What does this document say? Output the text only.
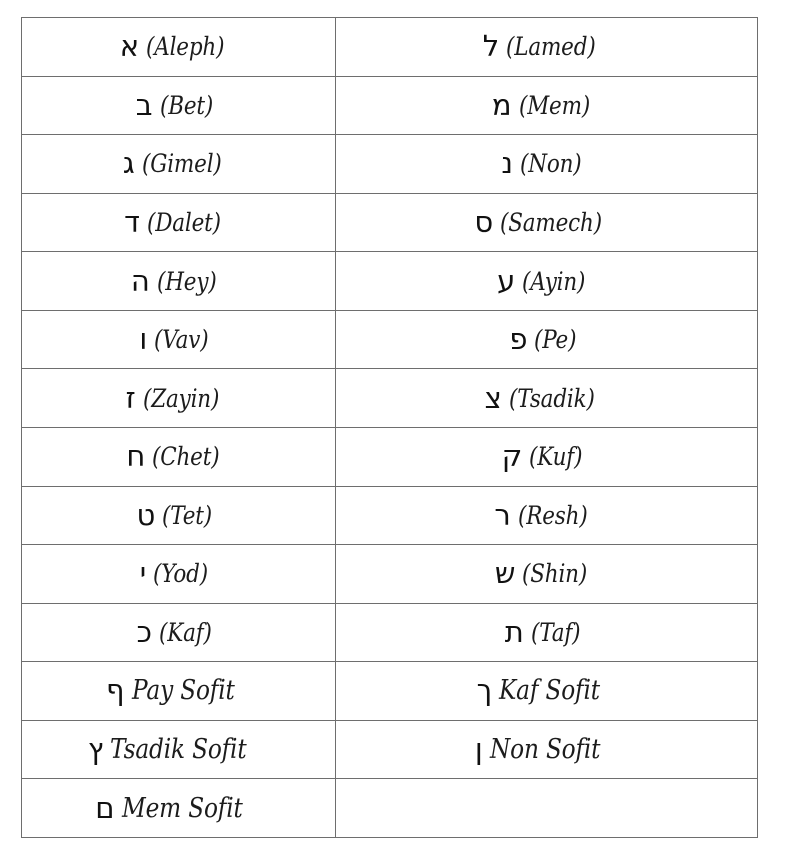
א (Aleph)	ל (Lamed)
ב (Bet)	מ (Mem)
ג (Gimel)	נ (Non)
ד (Dalet)	ס (Samech)
ה (Hey)	ע (Ayin)
ו (Vav)	פ (Pe)
ז (Zayin)	צ (Tsadik)
ח (Chet)	ק (Kuf)
ט (Tet)	ר (Resh)
י (Yod)	ש (Shin)
כ (Kaf)	ת (Taf)
ף Pay Sofit	ך Kaf Sofit
ץ Tsadik Sofit	ן Non Sofit
ם Mem Sofit	
